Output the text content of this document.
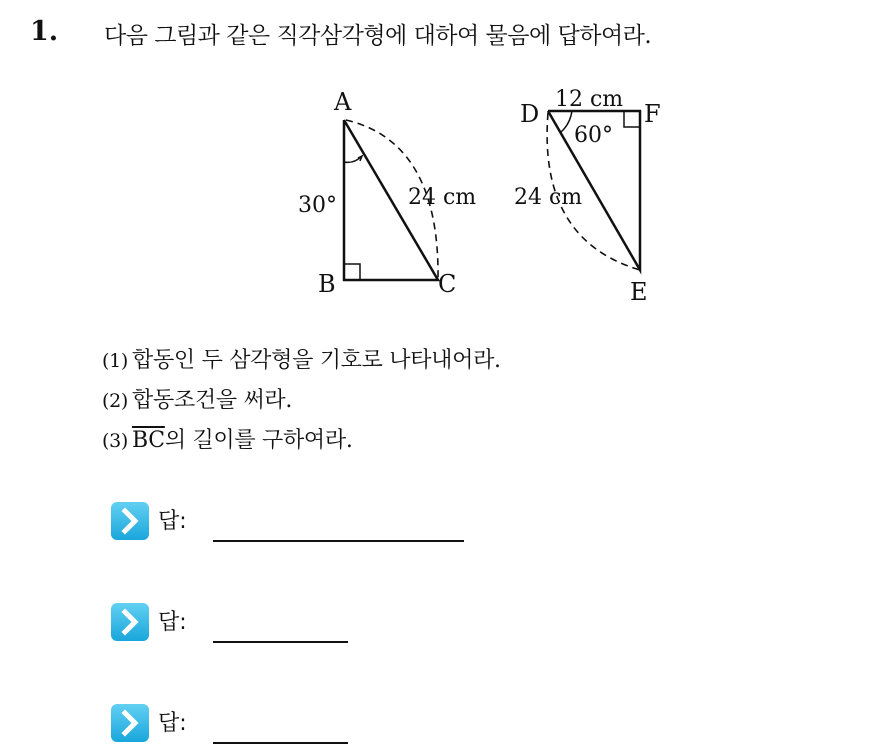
1. 다음 그림과 같은 직각삼각형에 대하여 물음에 답하여라.
A
B	C
30°	24 cm
D	F
E
12 cm
60°
24 cm
(1) 합동인 두 삼각형을 기호로 나타내어라.
(2) 합동조건을 써라.
(3) $\overline{BC}$의 길이를 구하여라.
답:
답:
답:
